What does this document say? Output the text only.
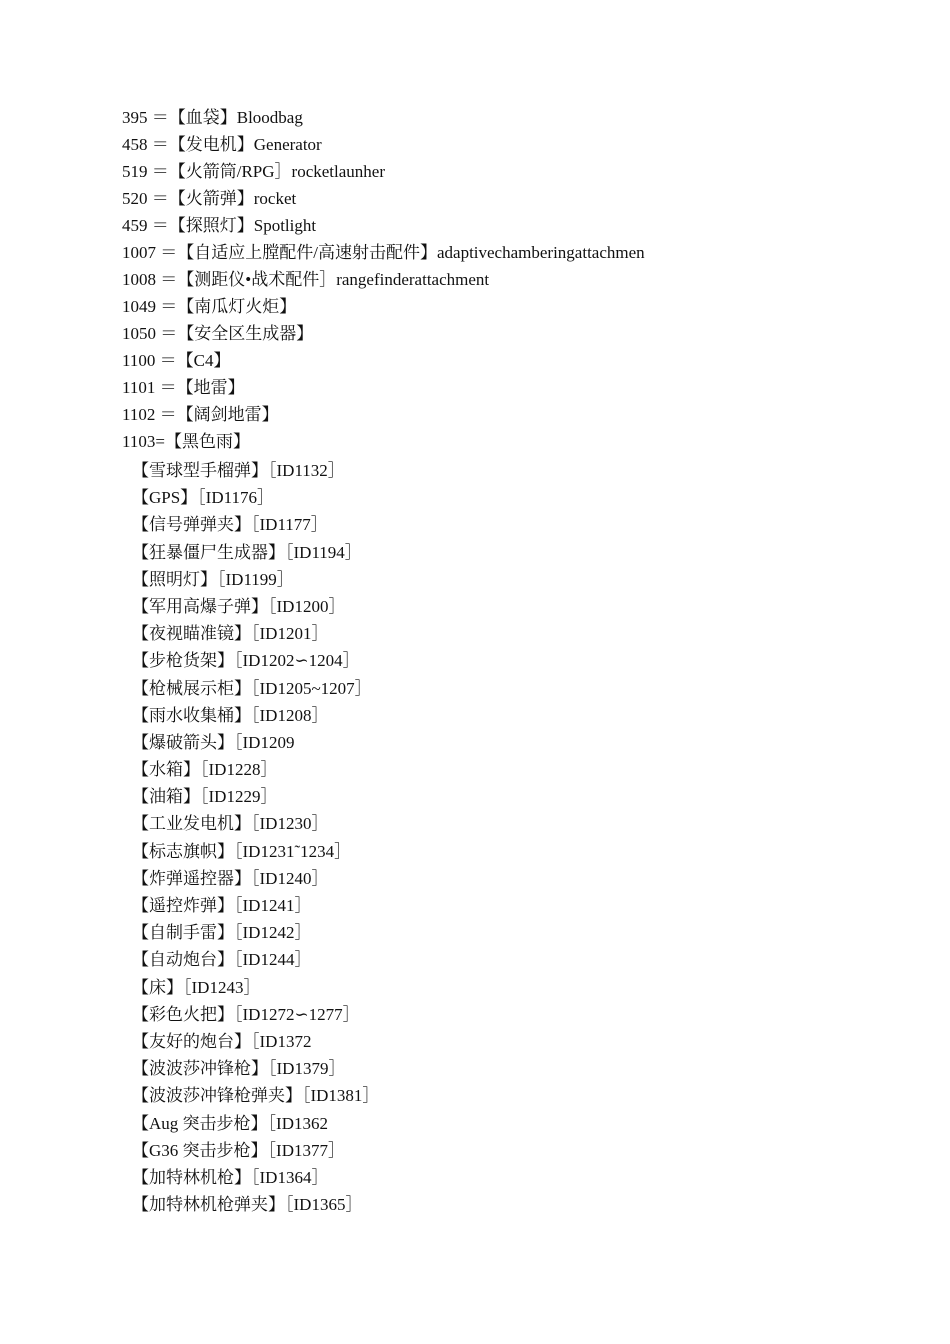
395 ＝【血袋】Bloodbag
458 ＝【发电机】Generator
519 ＝【火箭筒/RPG］rocketlaunher
520 ＝【火箭弹】rocket
459 ＝【探照灯】Spotlight
1007 ＝【自适应上膛配件/高速射击配件】adaptivechamberingattachmen
1008 ＝【测距仪•战术配件］rangefinderattachment
1049 ＝【南瓜灯火炬】
1050 ＝【安全区生成器】
1100 ＝【C4】
1101 ＝【地雷】
1102 ＝【阔剑地雷】
1103=【黑色雨】
【雪球型手榴弹】［ID1132］
【GPS】［ID1176］
【信号弹弹夹】［ID1177］
【狂暴僵尸生成器】［ID1194］
【照明灯】［ID1199］
【军用高爆子弹】［ID1200］
【夜视瞄准镜】［ID1201］
【步枪货架】［ID1202∽1204］
【枪械展示柜】［ID1205~1207］
【雨水收集桶】［ID1208］
【爆破箭头】［ID1209
【水箱】［ID1228］
【油箱】［ID1229］
【工业发电机】［ID1230］
【标志旗帜】［ID1231˜1234］
【炸弹遥控器】［ID1240］
【遥控炸弹】［ID1241］
【自制手雷】［ID1242］
【自动炮台】［ID1244］
【床】［ID1243］
【彩色火把】［ID1272∽1277］
【友好的炮台】［ID1372
【波波莎冲锋枪】［ID1379］
【波波莎冲锋枪弹夹】［ID1381］
【Aug 突击步枪】［ID1362
【G36 突击步枪】［ID1377］
【加特林机枪】［ID1364］
【加特林机枪弹夹】［ID1365］
